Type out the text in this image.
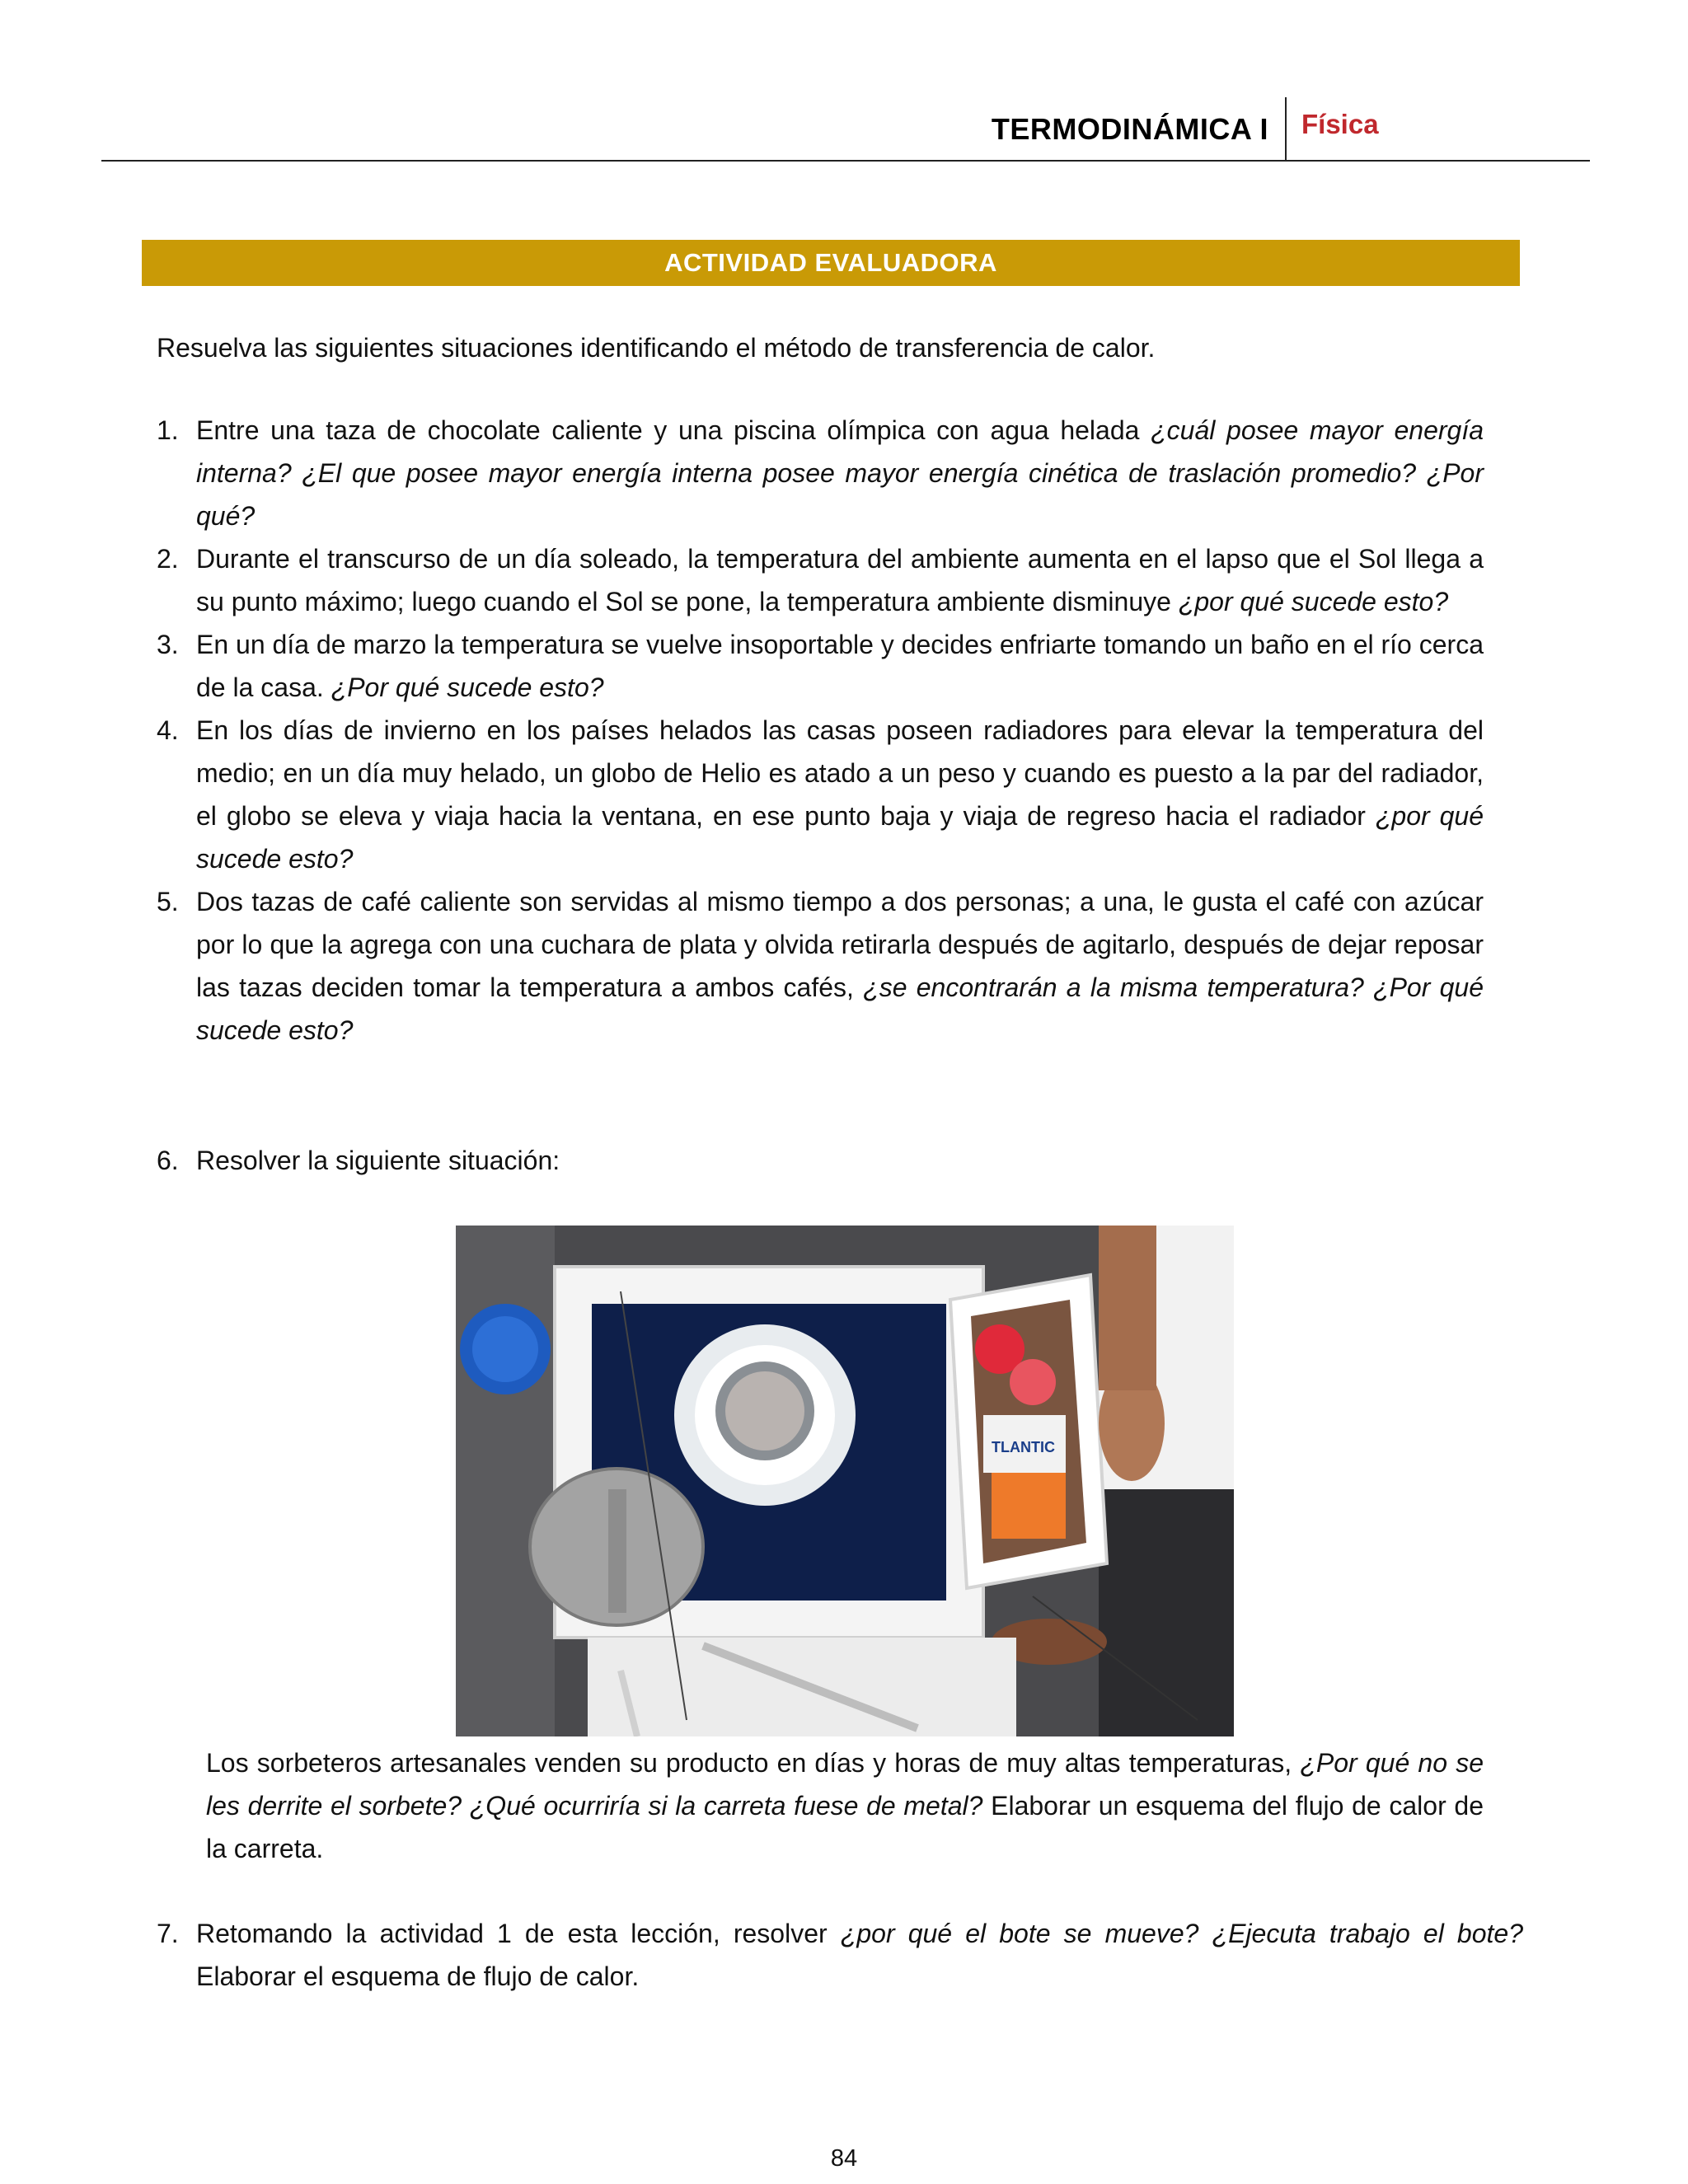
TERMODINÁMICA I Física
ACTIVIDAD EVALUADORA
Resuelva las siguientes situaciones identificando el método de transferencia de calor.
1. Entre una taza de chocolate caliente y una piscina olímpica con agua helada ¿cuál posee mayor energía interna? ¿El que posee mayor energía interna posee mayor energía cinética de traslación promedio? ¿Por qué?
2. Durante el transcurso de un día soleado, la temperatura del ambiente aumenta en el lapso que el Sol llega a su punto máximo; luego cuando el Sol se pone, la temperatura ambiente disminuye ¿por qué sucede esto?
3. En un día de marzo la temperatura se vuelve insoportable y decides enfriarte tomando un baño en el río cerca de la casa. ¿Por qué sucede esto?
4. En los días de invierno en los países helados las casas poseen radiadores para elevar la temperatura del medio; en un día muy helado, un globo de Helio es atado a un peso y cuando es puesto a la par del radiador, el globo se eleva y viaja hacia la ventana, en ese punto baja y viaja de regreso hacia el radiador ¿por qué sucede esto?
5. Dos tazas de café caliente son servidas al mismo tiempo a dos personas; a una, le gusta el café con azúcar por lo que la agrega con una cuchara de plata y olvida retirarla después de agitarlo, después de dejar reposar las tazas deciden tomar la temperatura a ambos cafés, ¿se encontrarán a la misma temperatura? ¿Por qué sucede esto?
6. Resolver la siguiente situación:
TLANTIC
Los sorbeteros artesanales venden su producto en días y horas de muy altas temperaturas, ¿Por qué no se les derrite el sorbete? ¿Qué ocurriría si la carreta fuese de metal? Elaborar un esquema del flujo de calor de la carreta.
7. Retomando la actividad 1 de esta lección, resolver ¿por qué el bote se mueve? ¿Ejecuta trabajo el bote? Elaborar el esquema de flujo de calor.
84
